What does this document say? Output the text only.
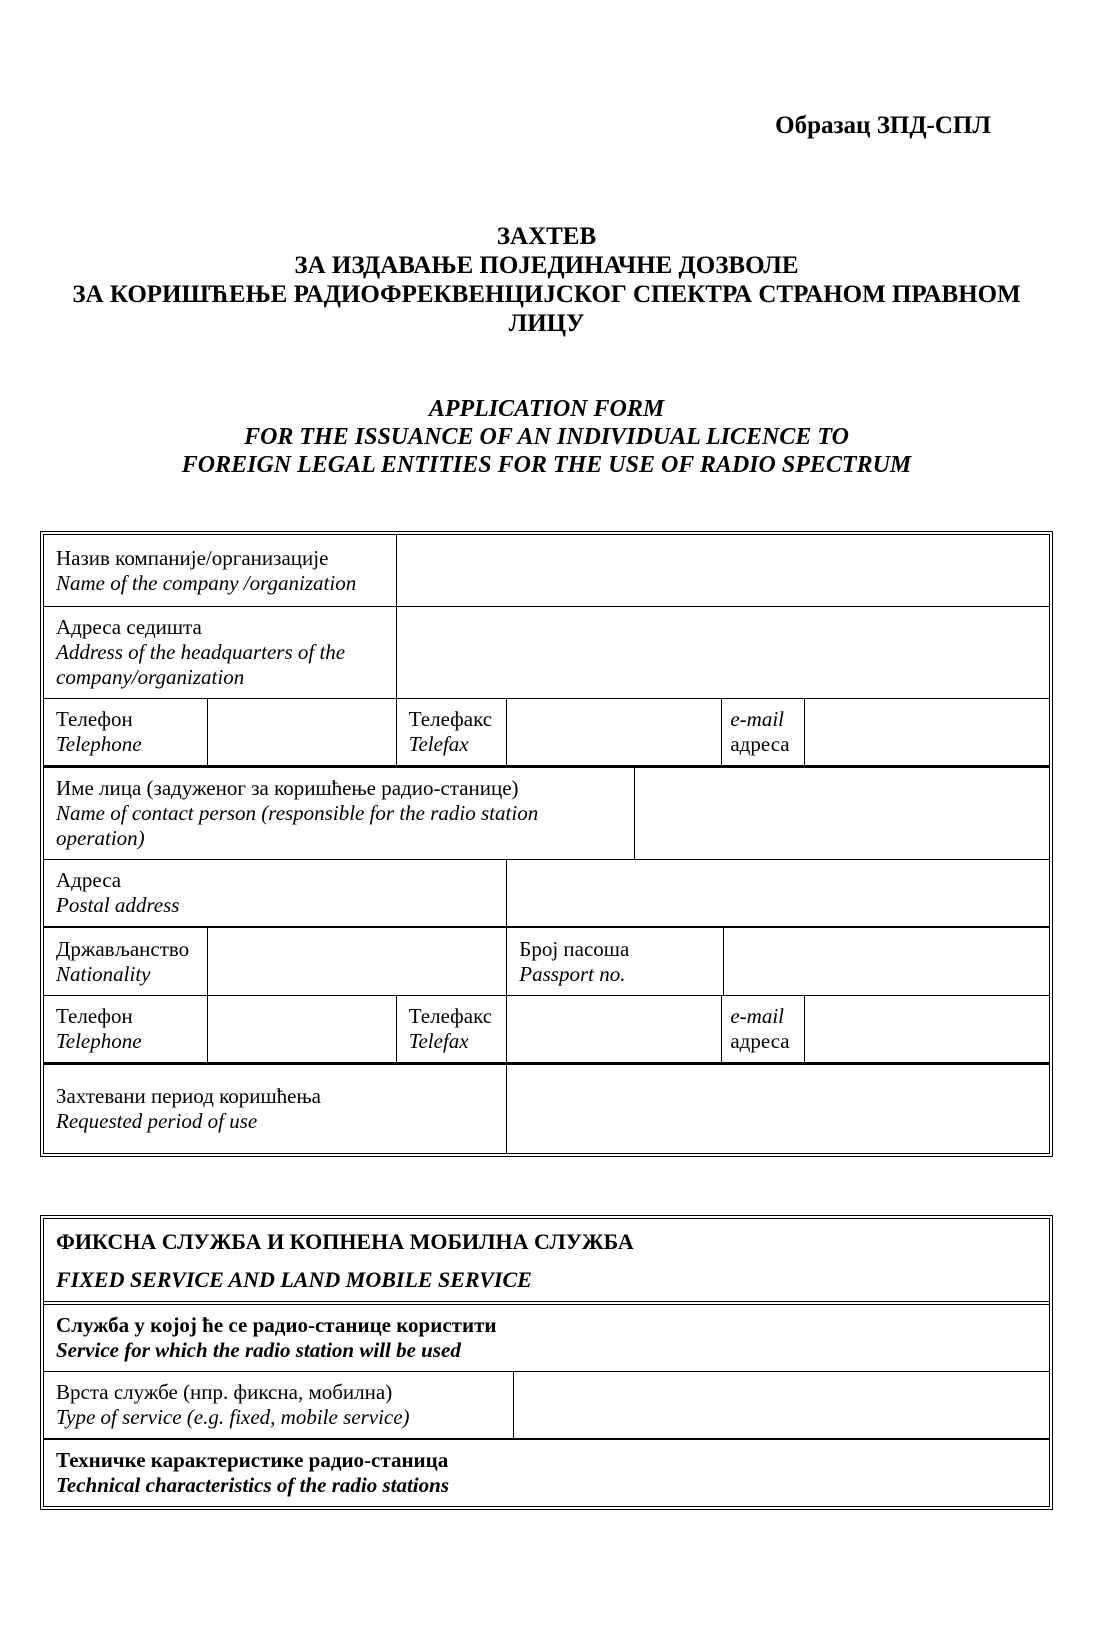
Образац ЗПД-СПЛ
ЗАХТЕВ
ЗА ИЗДАВАЊЕ ПОЈЕДИНАЧНЕ ДОЗВОЛЕ
ЗА КОРИШЋЕЊЕ РАДИОФРЕКВЕНЦИЈСКОГ СПЕКТРА СТРАНОМ ПРАВНОМ
ЛИЦУ
APPLICATION FORM
FOR THE ISSUANCE OF AN INDIVIDUAL LICENCE TO
FOREIGN LEGAL ENTITIES FOR THE USE OF RADIO SPECTRUM
Назив компаније/организације
Name of the company /organization
Адреса седишта
Address of the headquarters of the company/organization
Телефон
Telephone
Телефакс
Telefax
e-mail
адреса
Име лица (задуженог за коришћење радио-станице)
Name of contact person (responsible for the radio station operation)
Адреса
Postal address
Држављанство
Nationality
Број пасоша
Passport no.
Телефон
Telephone
Телефакс
Telefax
e-mail
адреса
Захтевани период коришћења
Requested period of use
ФИКСНА СЛУЖБА И КОПНЕНА МОБИЛНА СЛУЖБА
FIXED SERVICE AND LAND MOBILE SERVICE
Служба у којој ће се радио-станице користити
Service for which the radio station will be used
Врста службе (нпр. фиксна, мобилна)
Type of service (e.g. fixed, mobile service)
Техничке карактеристике радио-станица
Technical characteristics of the radio stations
